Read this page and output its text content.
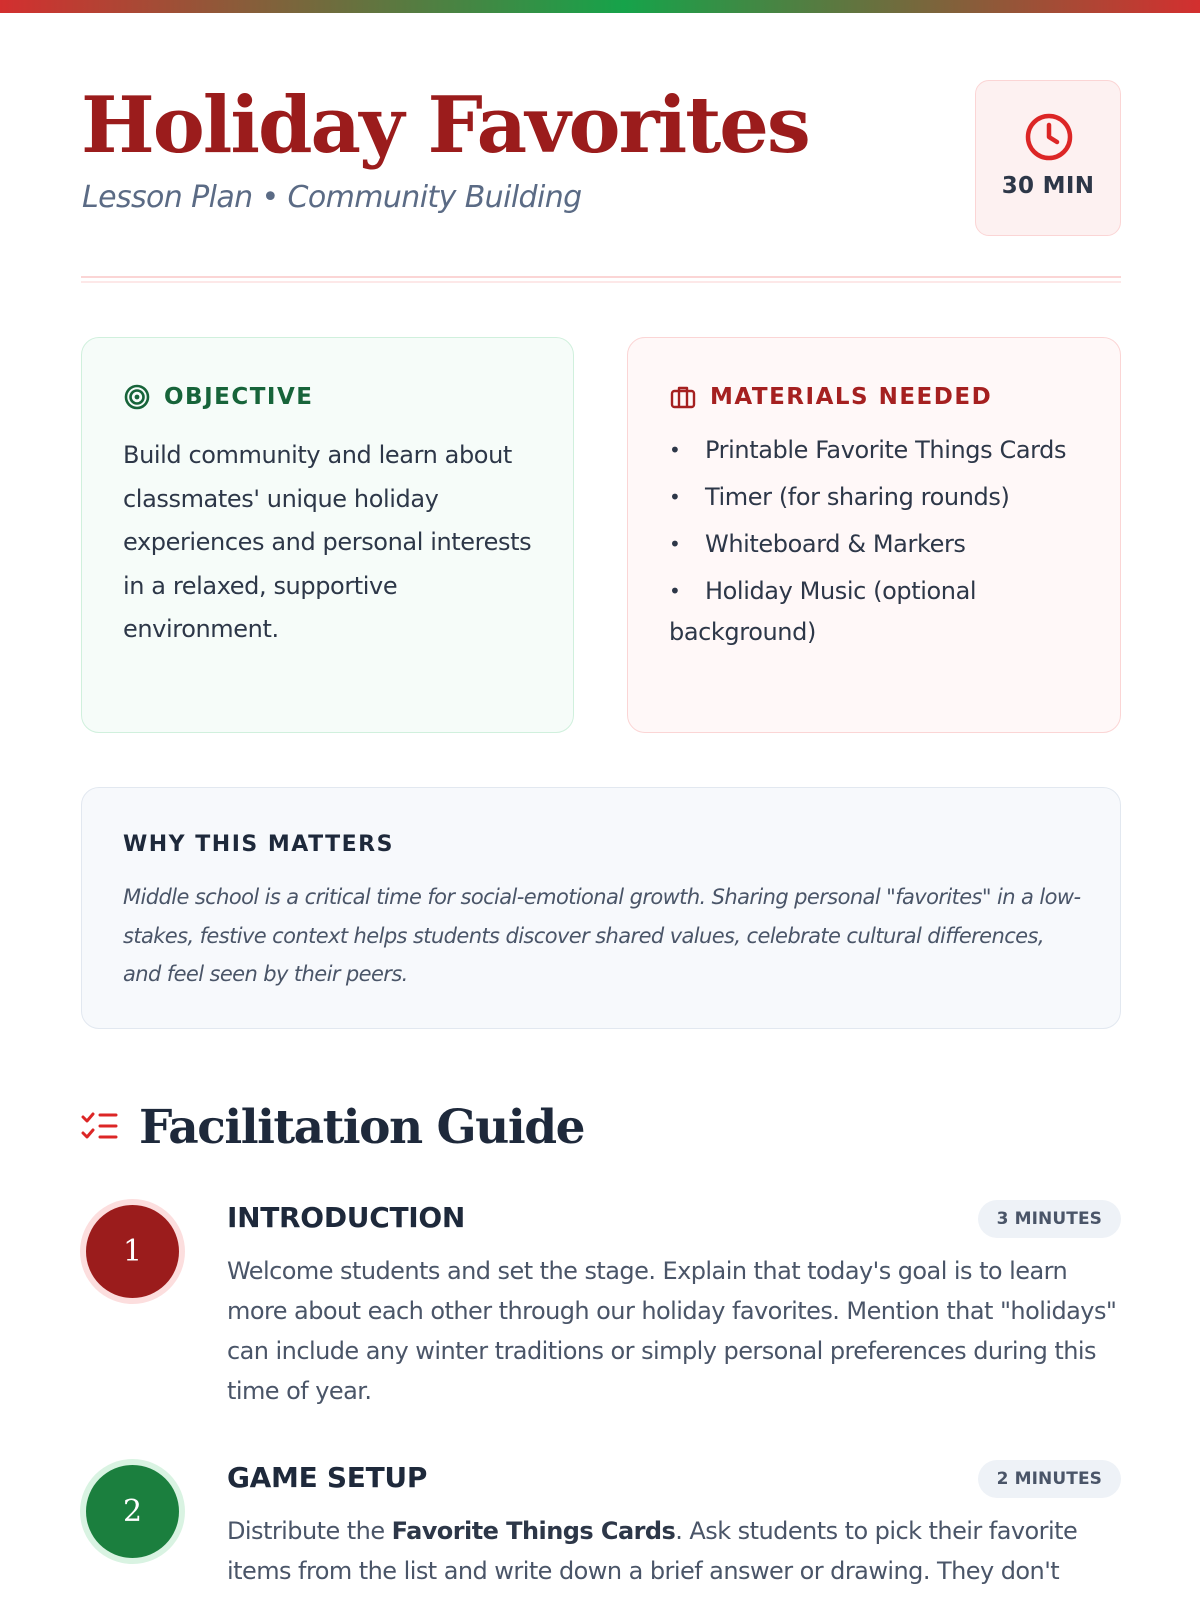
Holiday Favorites
Lesson Plan • Community Building	30 MIN
OBJECTIVE

Build community and learn about classmates' unique holiday experiences and personal interests in a relaxed, supportive environment.

MATERIALS NEEDED
• Printable Favorite Things Cards
• Timer (for sharing rounds)
• Whiteboard & Markers
• Holiday Music (optional background)
WHY THIS MATTERS

Middle school is a critical time for social-emotional growth. Sharing personal "favorites" in a low-stakes, festive context helps students discover shared values, celebrate cultural differences, and feel seen by their peers.

Facilitation Guide
1
INTRODUCTION	3 MINUTES

Welcome students and set the stage. Explain that today's goal is to learn more about each other through our holiday favorites. Mention that "holidays" can include any winter traditions or simply personal preferences during this time of year.

2
GAME SETUP	2 MINUTES

Distribute the Favorite Things Cards. Ask students to pick their favorite items from the list and write down a brief answer or drawing. They don't
